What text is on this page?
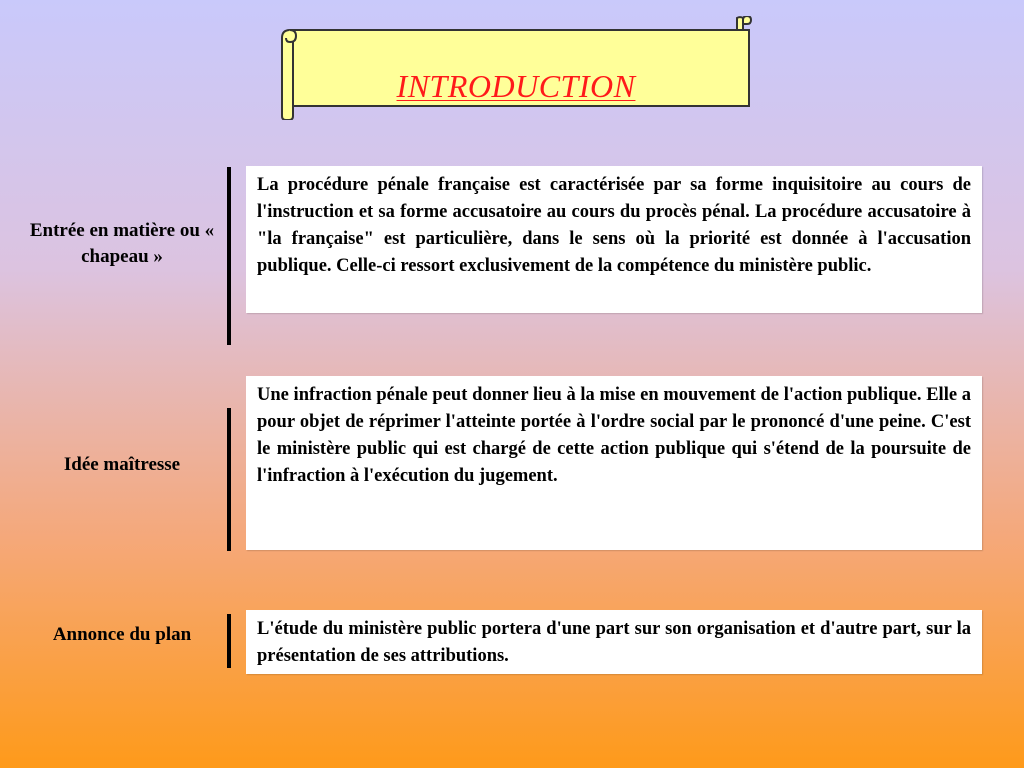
INTRODUCTION
Entrée en matière ou « chapeau »
La procédure pénale française est caractérisée par sa forme inquisitoire au cours de l'instruction et sa forme accusatoire au cours du procès pénal. La procédure accusatoire à "la française" est particulière, dans le sens où la priorité est donnée à l'accusation publique. Celle-ci ressort exclusivement de la compétence du ministère public.
Idée maîtresse
Une infraction pénale peut donner lieu à la mise en mouvement de l'action publique. Elle a pour objet de réprimer l'atteinte portée à l'ordre social par le prononcé d'une peine. C'est le ministère public qui est chargé de cette action publique qui s'étend de la poursuite de l'infraction à l'exécution du jugement.
Annonce du plan	L'étude du ministère public portera d'une part sur son organisation et d'autre part, sur la présentation de ses attributions.
